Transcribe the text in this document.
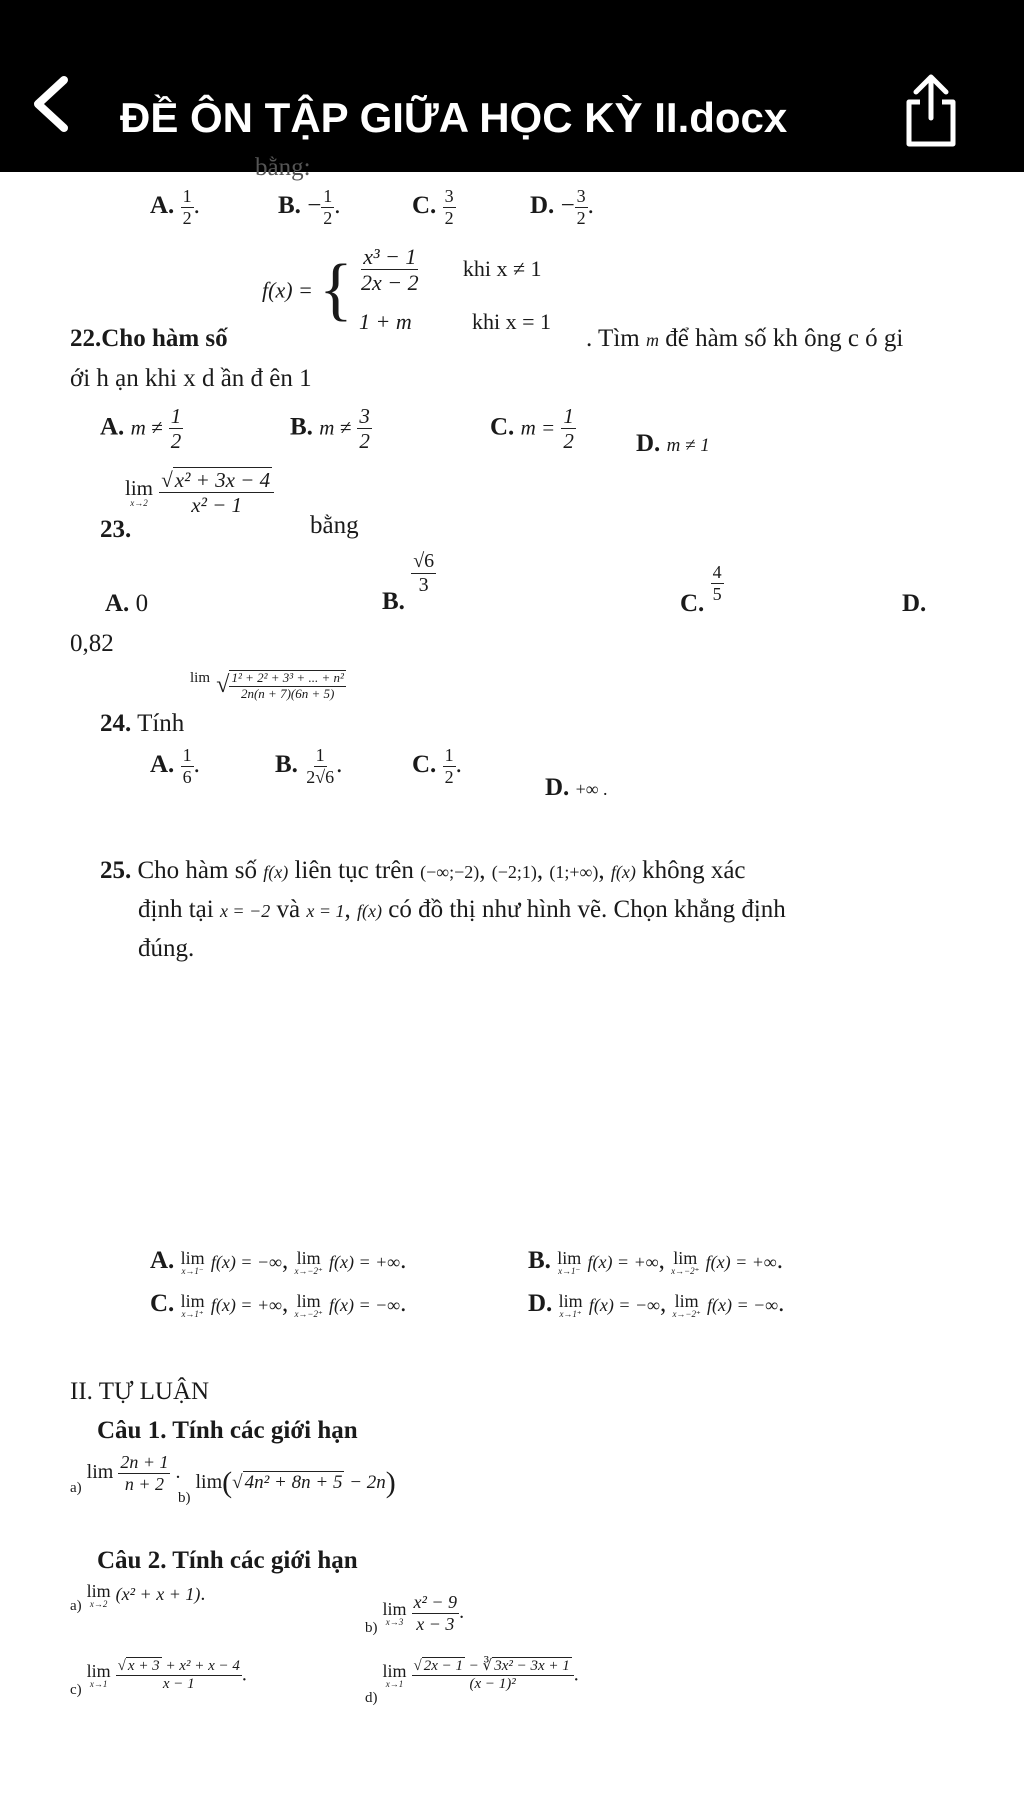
ĐỀ ÔN TẬP GIỮA HỌC KỲ II.docx
bằng:
A. $\frac{1}{2}$ .	B. − $\frac{1}{2}$ .	C. $\frac{3}{2}$	D. − $\frac{3}{2}$ .
22.Cho hàm số
f(x) = { $\frac{\text{x³ − 1}}{2x - 2}$ khi x ≠ 1
1 + m	khi x = 1
. Tìm m để hàm số kh ông c ó gi
ới h ạn khi x d ần đ ên 1
A. $m \ne \frac{1}{2}$	B. $m \ne \frac{3}{2}$	C. $m = \frac{1}{2} D$. m ≠ 1
23.
lim
x→2
$\frac{\text{√x² + 3x − 4}}{\text{x² − 1}}$
bằng
A. 0	B.
$\frac{√6}{3}$
C. $\frac{4}{5}$	D.
0,82
24. Tính
$^{lim}$ √ $\frac{\text{1² + 2² + 3³ + ... + n²}}{2n(n + 7)(6n + 5)}$
A. $\frac{1}{6}$ .	B. $\frac{1}{2√6}$ .	C. $\frac{1}{2}$ .
D. +∞ .
25. Cho hàm số f(x) liên tục trên (−∞;−2), (−2;1), (1;+∞), f(x) không xác
định tại x = −2 và x = 1, f(x) có đồ thị như hình vẽ. Chọn khẳng định
đúng.
A. lim
x→1⁻ f(x) = −∞, lim
x→−2⁺ f(x) = +∞.	B. lim
x→1⁻ f(x) = +∞, lim
x→−2⁺ f(x) = +∞.
C. lim
x→1⁺ f(x) = +∞, lim
x→−2⁺ f(x) = −∞.	D. lim
x→1⁺ f(x) = −∞, lim
x→−2⁺ f(x) = −∞.
II. TỰ LUẬN
Câu 1. Tính các giới hạn
$_{a)}$ $\lim \frac{2n + 1}{n + 2}$ .
$_{b)}$ lim(√ 4n² + 8n + 5 − 2n)
Câu 2. Tính các giới hạn
$_{a)}$
lim
x→2 (x² + x + 1).
$_{b)}$
lim
x→3
$\frac{\text{x² − 9}}{x - 3}$ .
$_{c)}$
lim
x→1
$\frac{\text{√ x + 3 + x² + x − 4}}{x - 1}$ .
$_{d)}$
lim
x→1
$\frac{\text{√ 2x − 1 − ∛ 3x² − 3x + 1}}{\text{(x − 1)²}}$ .
